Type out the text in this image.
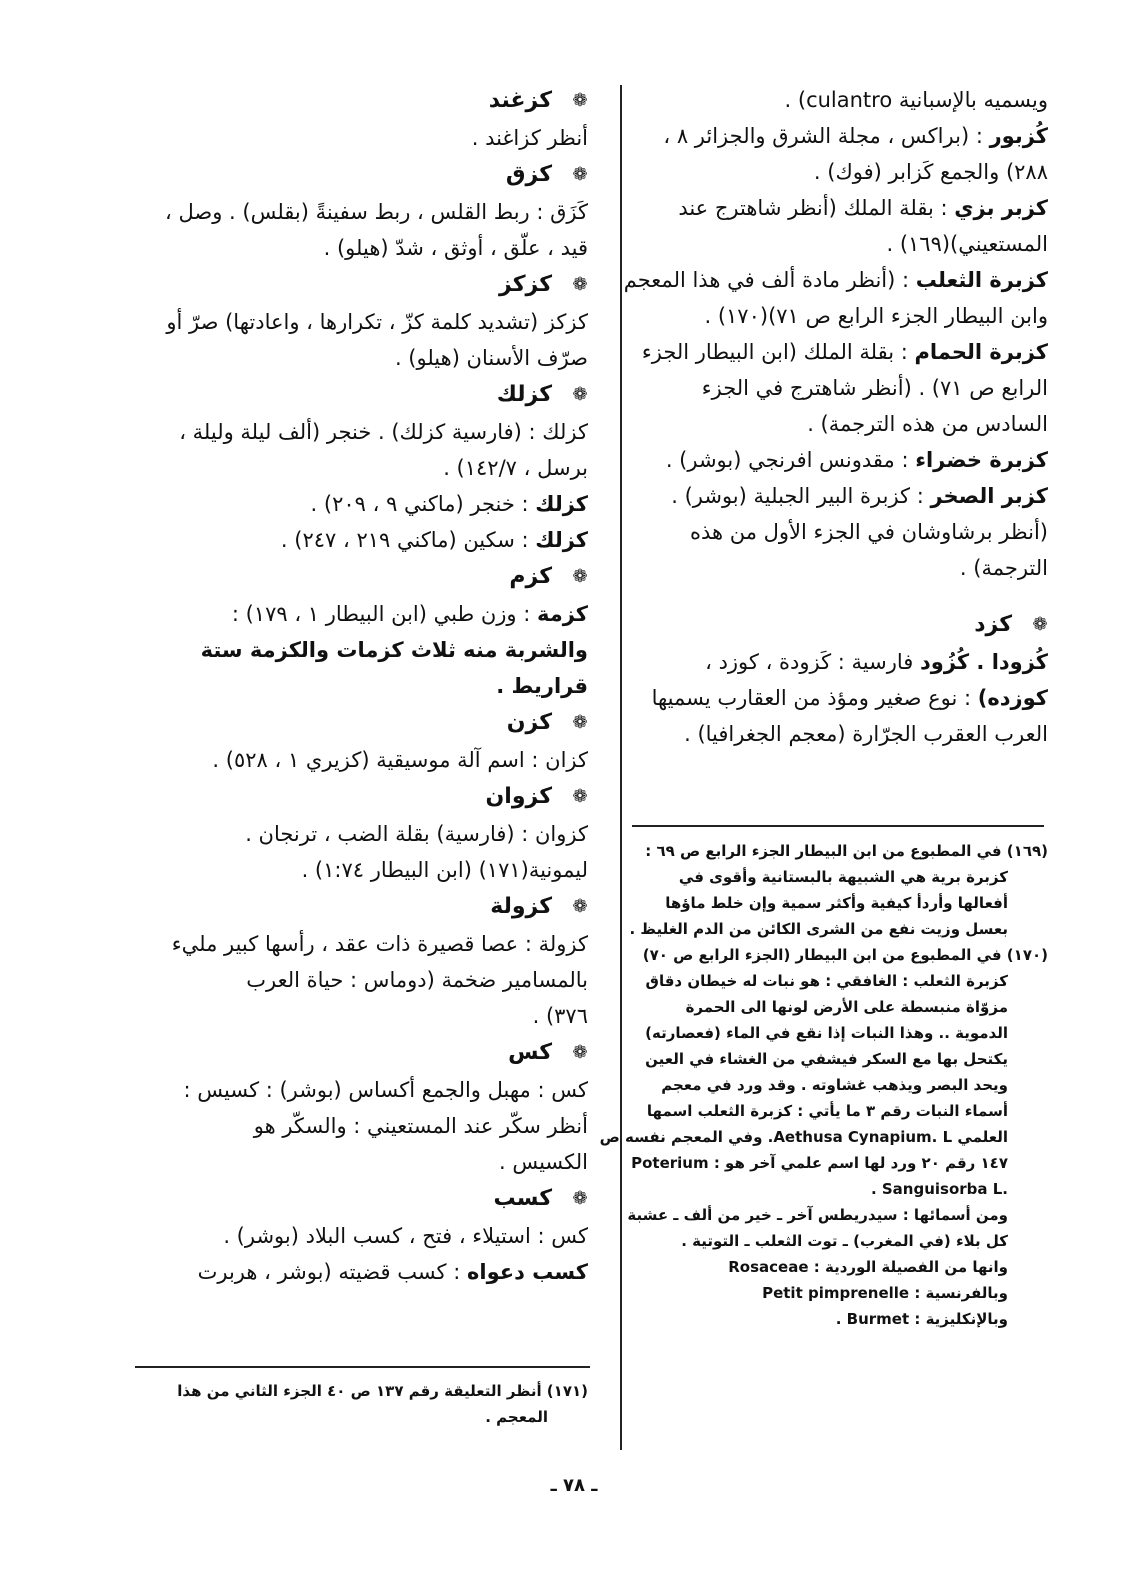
ويسميه بالإسبانية culantro) .
كُزبور : (براكس ، مجلة الشرق والجزائر ٨ ،
٢٨٨) والجمع كَزابر (فوك) .
كزبر بزي : بقلة الملك (أنظر شاهترج عند
المستعيني)(١٦٩) .
كزبرة الثعلب : (أنظر مادة ألف في هذا المعجم
وابن البيطار الجزء الرابع ص ٧١)(١٧٠) .
كزبرة الحمام : بقلة الملك (ابن البيطار الجزء
الرابع ص ٧١) . (أنظر شاهترج في الجزء
السادس من هذه الترجمة) .
كزبرة خضراء : مقدونس افرنجي (بوشر) .
كزبر الصخر : كزبرة البير الجبلية (بوشر) .
(أنظر برشاوشان في الجزء الأول من هذه
الترجمة) .
❁
كزد
كُزودا . كُزُود فارسية : كَزودة ، كوزد ،
كوزده) : نوع صغير ومؤذ من العقارب يسميها
العرب العقرب الجرّارة (معجم الجغرافيا) .
(١٦٩) في المطبوع من ابن البيطار الجزء الرابع ص ٦٩ :
كزبرة برية هي الشبيهة بالبستانية وأقوى في
أفعالها وأردأ كيفية وأكثر سمية وإن خلط ماؤها
بعسل وزيت نفع من الشرى الكائن من الدم الغليظ .
(١٧٠) في المطبوع من ابن البيطار (الجزء الرابع ص ٧٠)
كزبرة الثعلب : الغافقي : هو نبات له خيطان دقاق
مزوّاة منبسطة على الأرض لونها الى الحمرة
الدموية .. وهذا النبات إذا نقع في الماء (فعصارته)
يكتحل بها مع السكر فيشفي من الغشاء في العين
ويحد البصر ويذهب غشاوته . وقد ورد في معجم
أسماء النبات رقم ٣ ما يأتي : كزبرة الثعلب اسمها
العلمي Aethusa Cynapium. L. وفي المعجم نفسه ص
١٤٧ رقم ٢٠ ورد لها اسم علمي آخر هو : Poterium
. Sanguisorba L.
ومن أسمائها : سيدريطس آخر ـ خير من ألف ـ عشبة
كل بلاء (في المغرب) ـ توت الثعلب ـ التوتية .
وانها من الفصيلة الوردية : Rosaceae
وبالفرنسية : Petit pimprenelle
وبالإنكليزية : Burmet .
❁
كزغند
أنظر كزاغند .
❁
كزق
كَزَق : ربط القلس ، ربط سفينةً (بقلس) . وصل ،
قيد ، علّق ، أوثق ، شدّ (هيلو) .
❁
كزكز
كزكز (تشديد كلمة كزّ ، تكرارها ، واعادتها) صرّ أو
صرّف الأسنان (هيلو) .
❁
كزلك
كزلك : (فارسية كزلك) . خنجر (ألف ليلة وليلة ،
برسل ، ١٤٢/٧) .
كزلك : خنجر (ماكني ٩ ، ٢٠٩) .
كزلك : سكين (ماكني ٢١٩ ، ٢٤٧) .
❁
كزم
كزمة : وزن طبي (ابن البيطار ١ ، ١٧٩) :
والشربة منه ثلاث كزمات والكزمة ستة
قراريط .
❁
كزن
كزان : اسم آلة موسيقية (كزيري ١ ، ٥٢٨) .
❁
كزوان
كزوان : (فارسية) بقلة الضب ، ترنجان .
ليمونية(١٧١) (ابن البيطار ١:٧٤) .
❁
كزولة
كزولة : عصا قصيرة ذات عقد ، رأسها كبير مليء
بالمسامير ضخمة (دوماس : حياة العرب
٣٧٦) .
❁
كس
كس : مهبل والجمع أكساس (بوشر) : كسيس :
أنظر سكّر عند المستعيني : والسكّر هو
الكسيس .
❁
كسب
كس : استيلاء ، فتح ، كسب البلاد (بوشر) .
كسب دعواه : كسب قضيته (بوشر ، هربرت
(١٧١) أنظر التعليقة رقم ١٣٧ ص ٤٠ الجزء الثاني من هذا
المعجم .
ـ ٧٨ ـ
